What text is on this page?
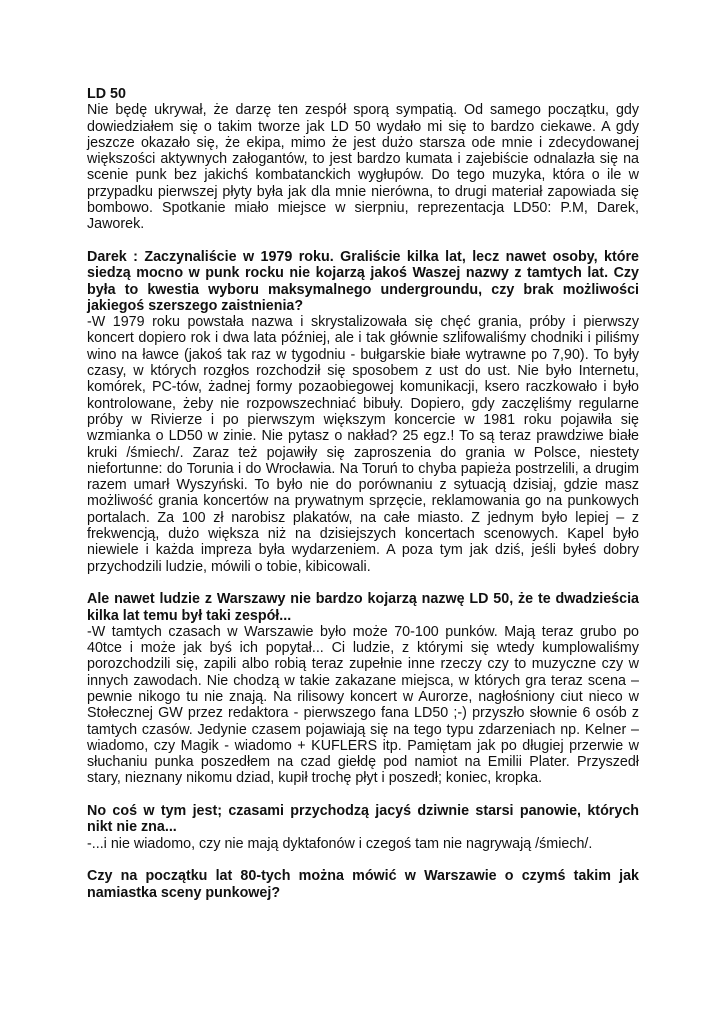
LD 50

Nie będę ukrywał, że darzę ten zespół sporą sympatią. Od samego początku, gdy dowiedziałem się o takim tworze jak LD 50 wydało mi się to bardzo ciekawe. A gdy jeszcze okazało się, że ekipa, mimo że jest dużo starsza ode mnie i zdecydowanej większości aktywnych załogantów, to jest bardzo kumata i zajebiście odnalazła się na scenie punk bez jakichś kombatanckich wygłupów. Do tego muzyka, która o ile w przypadku pierwszej płyty była jak dla mnie nierówna, to drugi materiał zapowiada się bombowo. Spotkanie miało miejsce w sierpniu, reprezentacja LD50: P.M, Darek, Jaworek.

Darek : Zaczynaliście w 1979 roku. Graliście kilka lat, lecz nawet osoby, które siedzą mocno w punk rocku nie kojarzą jakoś Waszej nazwy z tamtych lat. Czy była to kwestia wyboru maksymalnego undergroundu, czy brak możliwości jakiegoś szerszego zaistnienia?

-W 1979 roku powstała nazwa i skrystalizowała się chęć grania, próby i pierwszy koncert dopiero rok i dwa lata później, ale i tak głównie szlifowaliśmy chodniki i piliśmy wino na ławce (jakoś tak raz w tygodniu - bułgarskie białe wytrawne po 7,90). To były czasy, w których rozgłos rozchodził się sposobem z ust do ust. Nie było Internetu, komórek, PC-tów, żadnej formy pozaobiegowej komunikacji, ksero raczkowało i było kontrolowane, żeby nie rozpowszechniać bibuły. Dopiero, gdy zaczęliśmy regularne próby w Rivierze i po pierwszym większym koncercie w 1981 roku pojawiła się wzmianka o LD50 w zinie. Nie pytasz o nakład? 25 egz.! To są teraz prawdziwe białe kruki /śmiech/. Zaraz też pojawiły się zaproszenia do grania w Polsce, niestety niefortunne: do Torunia i do Wrocławia. Na Toruń to chyba papieża postrzelili, a drugim razem umarł Wyszyński. To było nie do porównaniu z sytuacją dzisiaj, gdzie masz możliwość grania koncertów na prywatnym sprzęcie, reklamowania go na punkowych portalach. Za 100 zł narobisz plakatów, na całe miasto. Z jednym było lepiej – z frekwencją, dużo większa niż na dzisiejszych koncertach scenowych. Kapel było niewiele i każda impreza była wydarzeniem. A poza tym jak dziś, jeśli byłeś dobry przychodzili ludzie, mówili o tobie, kibicowali.

Ale nawet ludzie z Warszawy nie bardzo kojarzą nazwę LD 50, że te dwadzieścia kilka lat temu był taki zespół...

-W tamtych czasach w Warszawie było może 70-100 punków. Mają teraz grubo po 40tce i może jak byś ich popytał... Ci ludzie, z którymi się wtedy kumplowaliśmy porozchodzili się, zapili albo robią teraz zupełnie inne rzeczy czy to muzyczne czy w innych zawodach. Nie chodzą w takie zakazane miejsca, w których gra teraz scena – pewnie nikogo tu nie znają. Na rilisowy koncert w Aurorze, nagłośniony ciut nieco w Stołecznej GW przez redaktora - pierwszego fana LD50 ;-) przyszło słownie 6 osób z tamtych czasów. Jedynie czasem pojawiają się na tego typu zdarzeniach np. Kelner – wiadomo, czy Magik - wiadomo + KUFLERS itp. Pamiętam jak po długiej przerwie w słuchaniu punka poszedłem na czad giełdę pod namiot na Emilii Plater. Przyszedł stary, nieznany nikomu dziad, kupił trochę płyt i poszedł; koniec, kropka.

No coś w tym jest; czasami przychodzą jacyś dziwnie starsi panowie, których nikt nie zna...

-...i nie wiadomo, czy nie mają dyktafonów i czegoś tam nie nagrywają /śmiech/.

Czy na początku lat 80-tych można mówić w Warszawie o czymś takim jak namiastka sceny punkowej?
